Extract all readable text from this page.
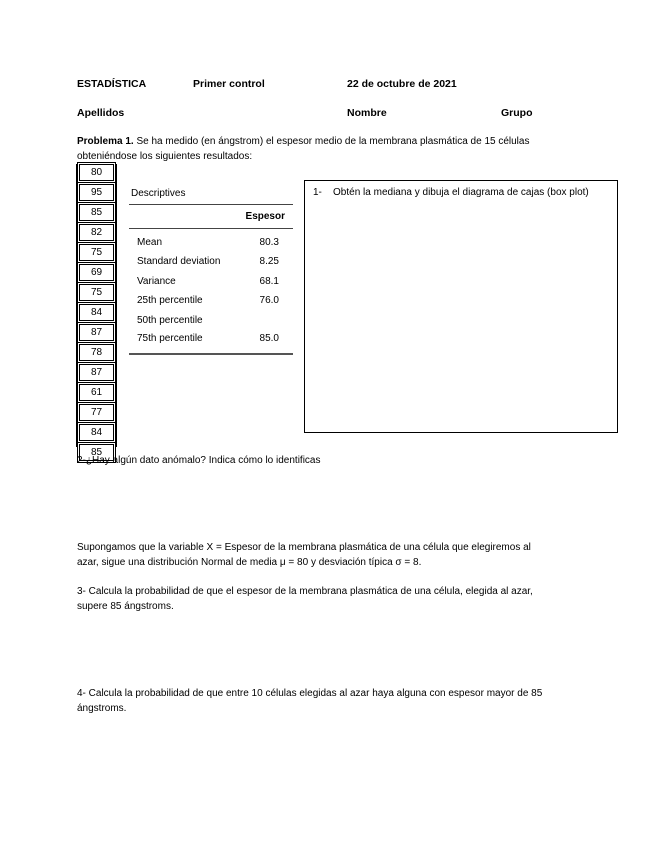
ESTADÍSTICA	Primer control	22 de octubre de 2021
Apellidos	Nombre	Grupo
Problema 1. Se ha medido (en ángstrom) el espesor medio de la membrana plasmática de 15 células
obteniéndose los siguientes resultados:
80
95
85
82
75
69
75
84
87
78
87
61
77
84
85
Descriptives
Espesor
Mean	80.3
Standard deviation	8.25
Variance	68.1
25th percentile	76.0
50th percentile
75th percentile	85.0
1- Obtén la mediana y dibuja el diagrama de cajas (box plot)
2-¿Hay algún dato anómalo? Indica cómo lo identificas
Supongamos que la variable X = Espesor de la membrana plasmática de una célula que elegiremos al
azar, sigue una distribución Normal de media μ = 80 y desviación típica σ = 8.
3- Calcula la probabilidad de que el espesor de la membrana plasmática de una célula, elegida al azar,
supere 85 ángstroms.
4- Calcula la probabilidad de que entre 10 células elegidas al azar haya alguna con espesor mayor de 85
ángstroms.
